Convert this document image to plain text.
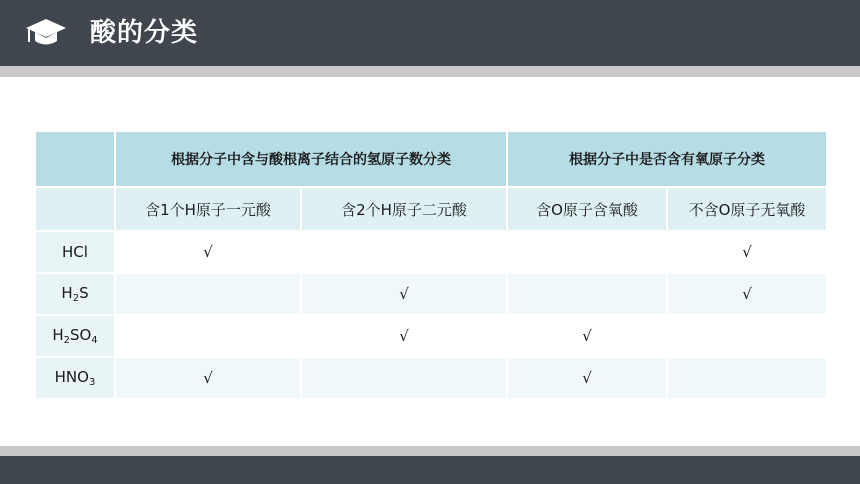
酸的分类
	根据分子中含与酸根离子结合的氢原子数分类		根据分子中是否含有氧原子分类	
	含1个H原子一元酸	含2个H原子二元酸	含O原子含氧酸	不含O原子无氧酸
HCl	√			√
$H_2S$		√		√
$H_2SO_4$		√	√	
$HNO_3$	√		√	
